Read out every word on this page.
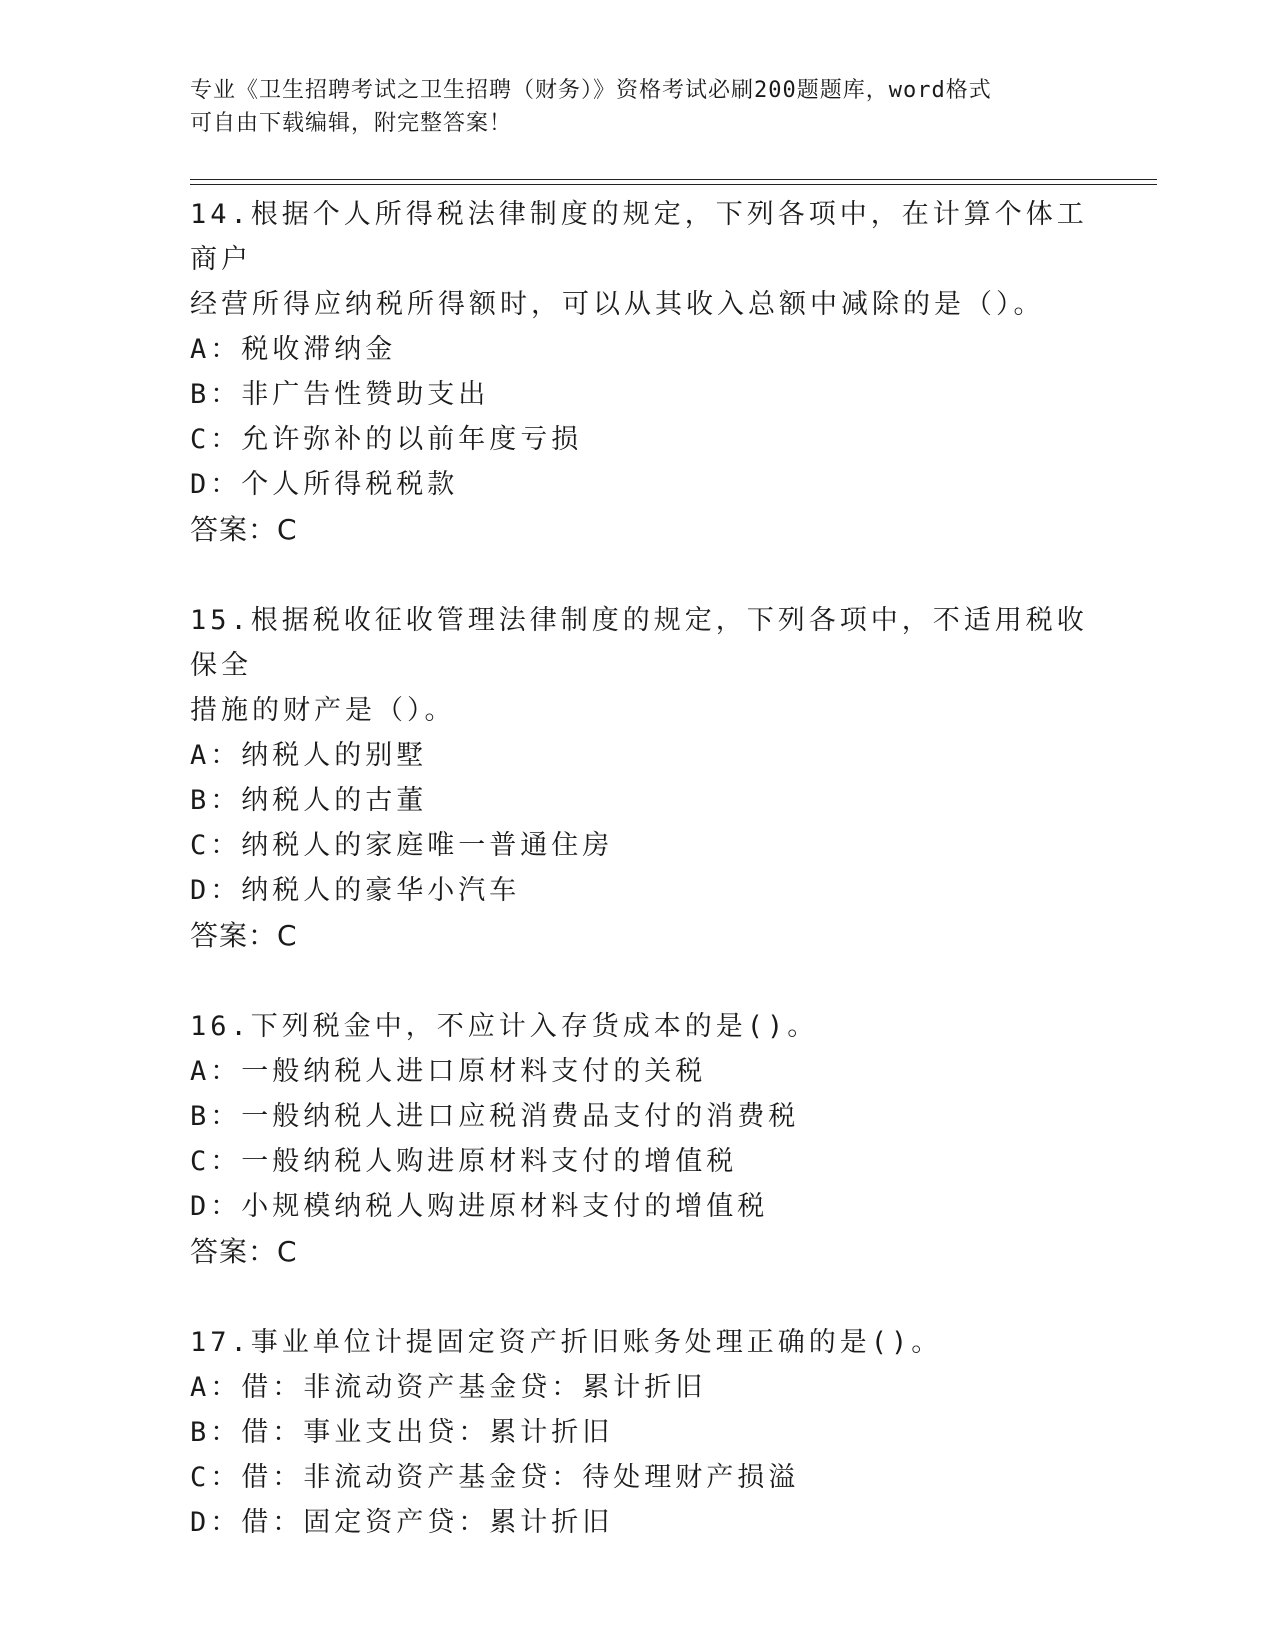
专业《卫生招聘考试之卫生招聘（财务）》资格考试必刷200题题库，word格式
可自由下载编辑，附完整答案！
14.根据个人所得税法律制度的规定，下列各项中，在计算个体工商户
经营所得应纳税所得额时，可以从其收入总额中减除的是（）。
A：税收滞纳金
B：非广告性赞助支出
C：允许弥补的以前年度亏损
D：个人所得税税款
答案：C
15.根据税收征收管理法律制度的规定，下列各项中，不适用税收保全
措施的财产是（）。
A：纳税人的别墅
B：纳税人的古董
C：纳税人的家庭唯一普通住房
D：纳税人的豪华小汽车
答案：C
16.下列税金中，不应计入存货成本的是()。
A：一般纳税人进口原材料支付的关税
B：一般纳税人进口应税消费品支付的消费税
C：一般纳税人购进原材料支付的增值税
D：小规模纳税人购进原材料支付的增值税
答案：C
17.事业单位计提固定资产折旧账务处理正确的是()。
A：借：非流动资产基金贷：累计折旧
B：借：事业支出贷：累计折旧
C：借：非流动资产基金贷：待处理财产损溢
D：借：固定资产贷：累计折旧
